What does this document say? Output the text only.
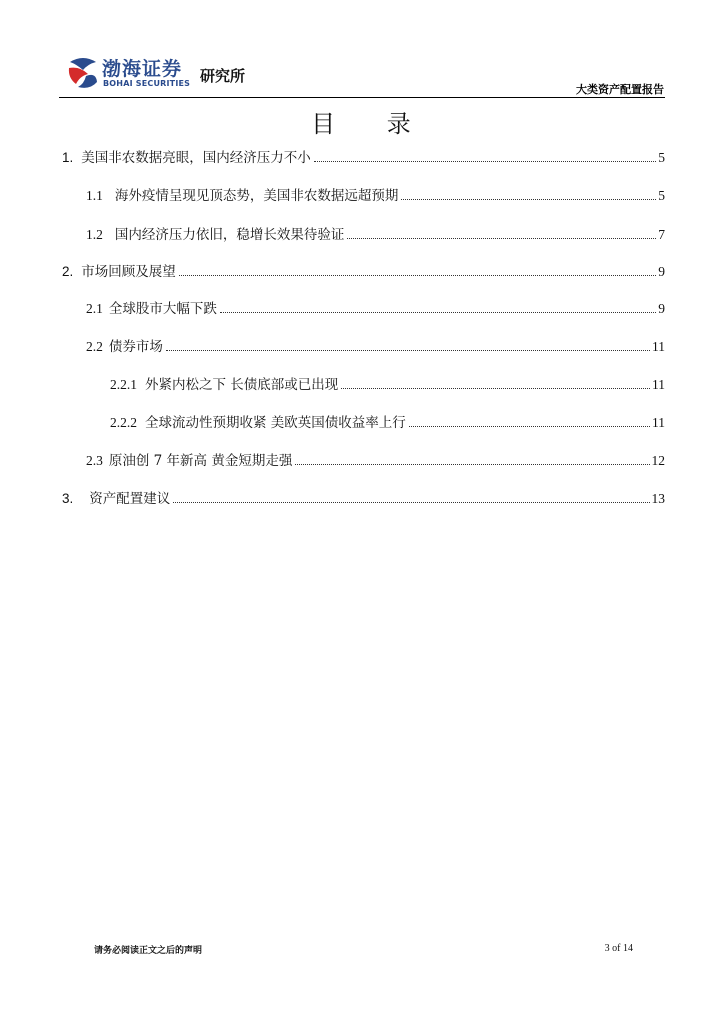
渤海证券
BOHAI SECURITIES 研究所
大类资产配置报告
目 录
1. 美国非农数据亮眼，国内经济压力不小	5
1.1 海外疫情呈现见顶态势，美国非农数据远超预期	5
1.2 国内经济压力依旧，稳增长效果待验证	7
2. 市场回顾及展望	9
2.1 全球股市大幅下跌	9
2.2 债券市场	11
2.2.1 外紧内松之下 长债底部或已出现	11
2.2.2 全球流动性预期收紧 美欧英国债收益率上行	11
2.3 原油创 7 年新高 黄金短期走强	12
3. 资产配置建议	13
请务必阅读正文之后的声明	3 of 14
